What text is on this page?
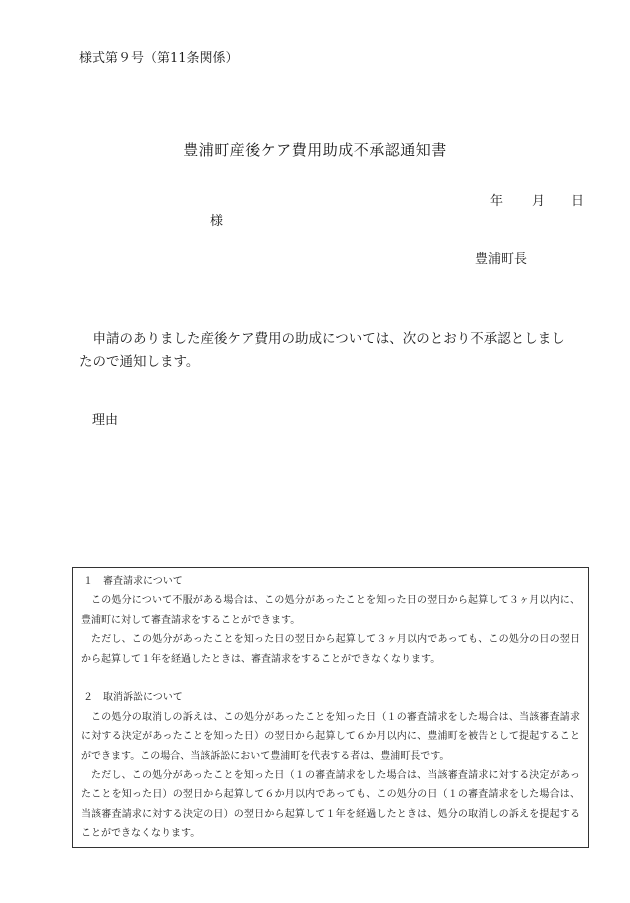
様式第９号（第11条関係）
豊浦町産後ケア費用助成不承認通知書
年 月 日
様
豊浦町長
申請のありました産後ケア費用の助成については、次のとおり不承認としましたので通知します。
理由

１　審査請求について

この処分について不服がある場合は、この処分があったことを知った日の翌日から起算して３ヶ月以内に、豊浦町に対して審査請求をすることができます。

ただし、この処分があったことを知った日の翌日から起算して３ヶ月以内であっても、この処分の日の翌日から起算して１年を経過したときは、審査請求をすることができなくなります。

２　取消訴訟について

この処分の取消しの訴えは、この処分があったことを知った日（１の審査請求をした場合は、当該審査請求に対する決定があったことを知った日）の翌日から起算して６か月以内に、豊浦町を被告として提起することができます。この場合、当該訴訟において豊浦町を代表する者は、豊浦町長です。

ただし、この処分があったことを知った日（１の審査請求をした場合は、当該審査請求に対する決定があったことを知った日）の翌日から起算して６か月以内であっても、この処分の日（１の審査請求をした場合は、当該審査請求に対する決定の日）の翌日から起算して１年を経過したときは、処分の取消しの訴えを提起することができなくなります。
